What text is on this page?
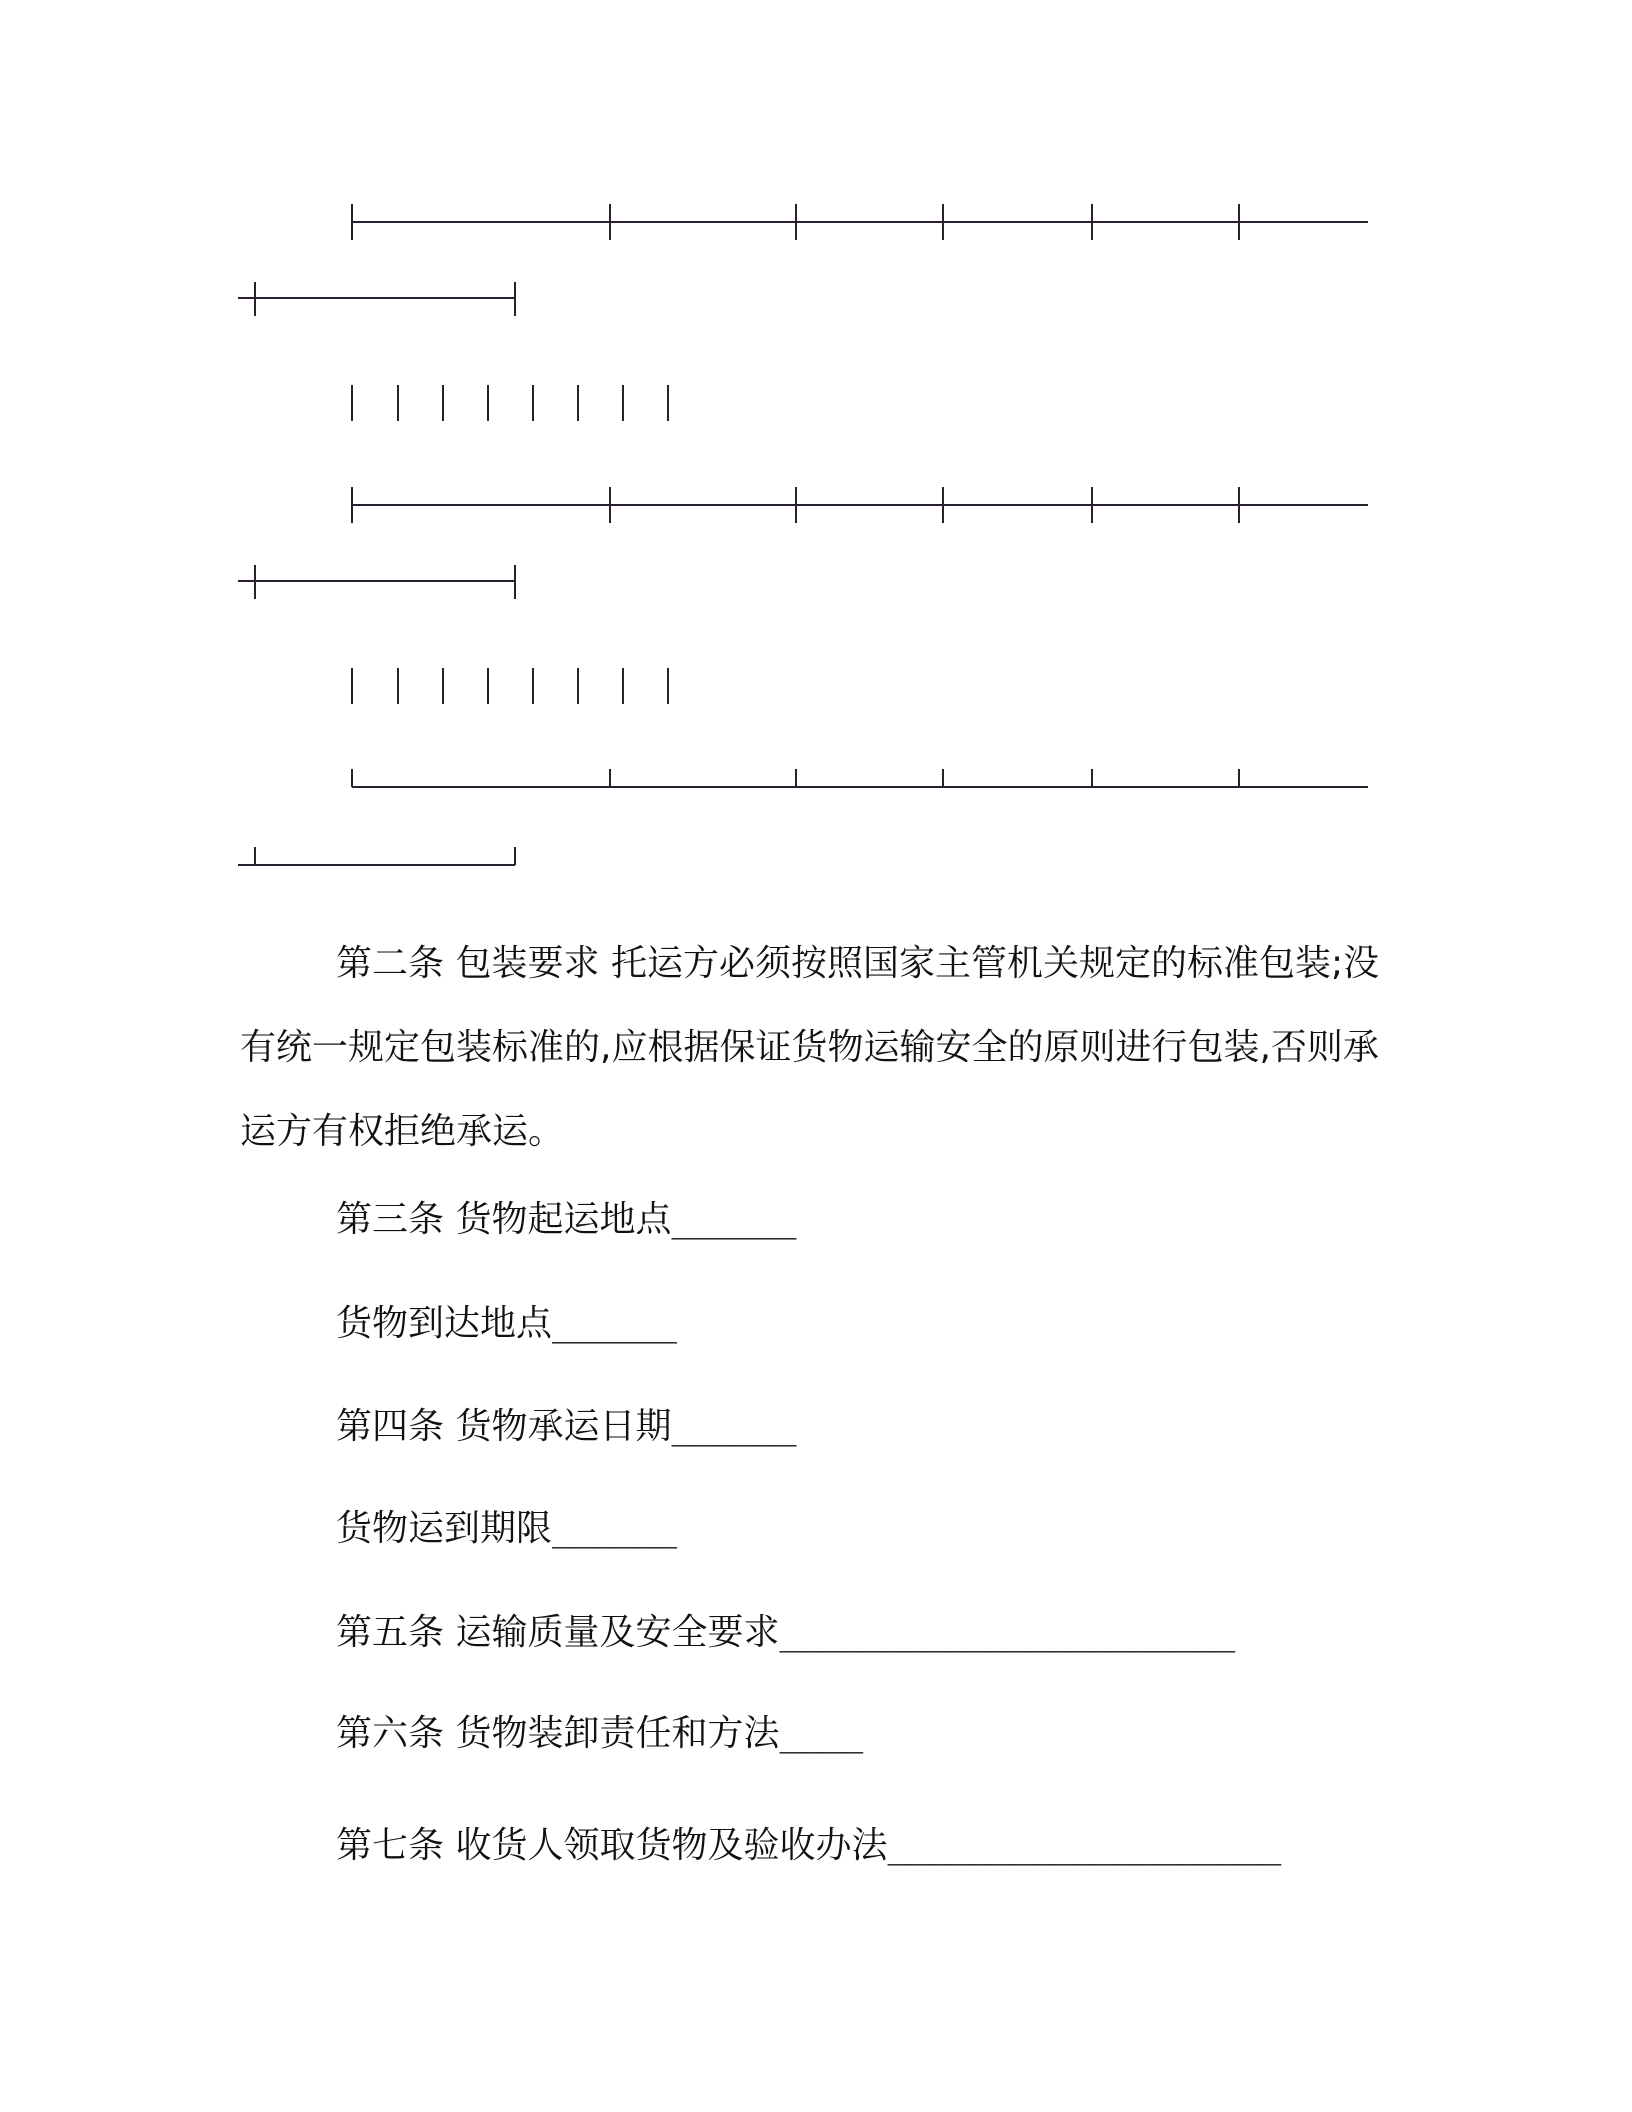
第二条 包装要求 托运方必须按照国家主管机关规定的标准包装;没有统一规定包装标准的,应根据保证货物运输安全的原则进行包装,否则承运方有权拒绝承运。

第三条 货物起运地点______

货物到达地点______

第四条 货物承运日期______

货物运到期限______

第五条 运输质量及安全要求______________________

第六条 货物装卸责任和方法____

第七条 收货人领取货物及验收办法___________________
